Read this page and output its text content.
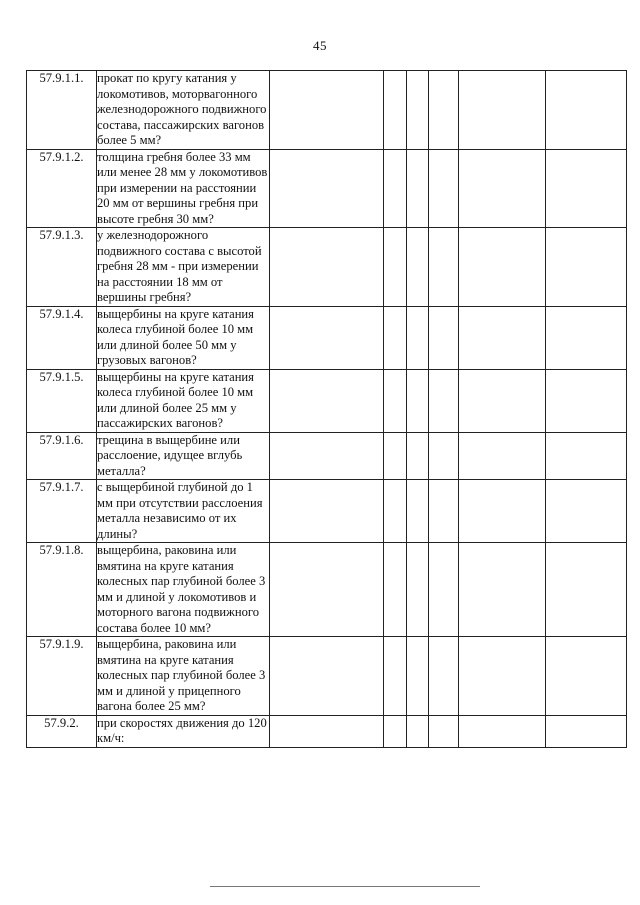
45
57.9.1.1.	прокат по кругу катания у локомотивов, моторвагонного железнодорожного подвижного состава, пассажирских вагонов более 5 мм?						
57.9.1.2.	толщина гребня более 33 мм или менее 28 мм у локомотивов при измерении на расстоянии 20 мм от вершины гребня при высоте гребня 30 мм?						
57.9.1.3.	у железнодорожного подвижного состава с высотой гребня 28 мм - при измерении на расстоянии 18 мм от вершины гребня?						
57.9.1.4.	выщербины на круге катания колеса глубиной более 10 мм или длиной более 50 мм у грузовых вагонов?						
57.9.1.5.	выщербины на круге катания колеса глубиной более 10 мм или длиной более 25 мм у пассажирских вагонов?						
57.9.1.6.	трещина в выщербине или расслоение, идущее вглубь металла?						
57.9.1.7.	с выщербиной глубиной до 1 мм при отсутствии расслоения металла независимо от их длины?						
57.9.1.8.	выщербина, раковина или вмятина на круге катания колесных пар глубиной более 3 мм и длиной у локомотивов и моторного вагона подвижного состава более 10 мм?						
57.9.1.9.	выщербина, раковина или вмятина на круге катания колесных пар глубиной более 3 мм и длиной у прицепного вагона более 25 мм?						
57.9.2.	при скоростях движения до 120 км/ч:						
